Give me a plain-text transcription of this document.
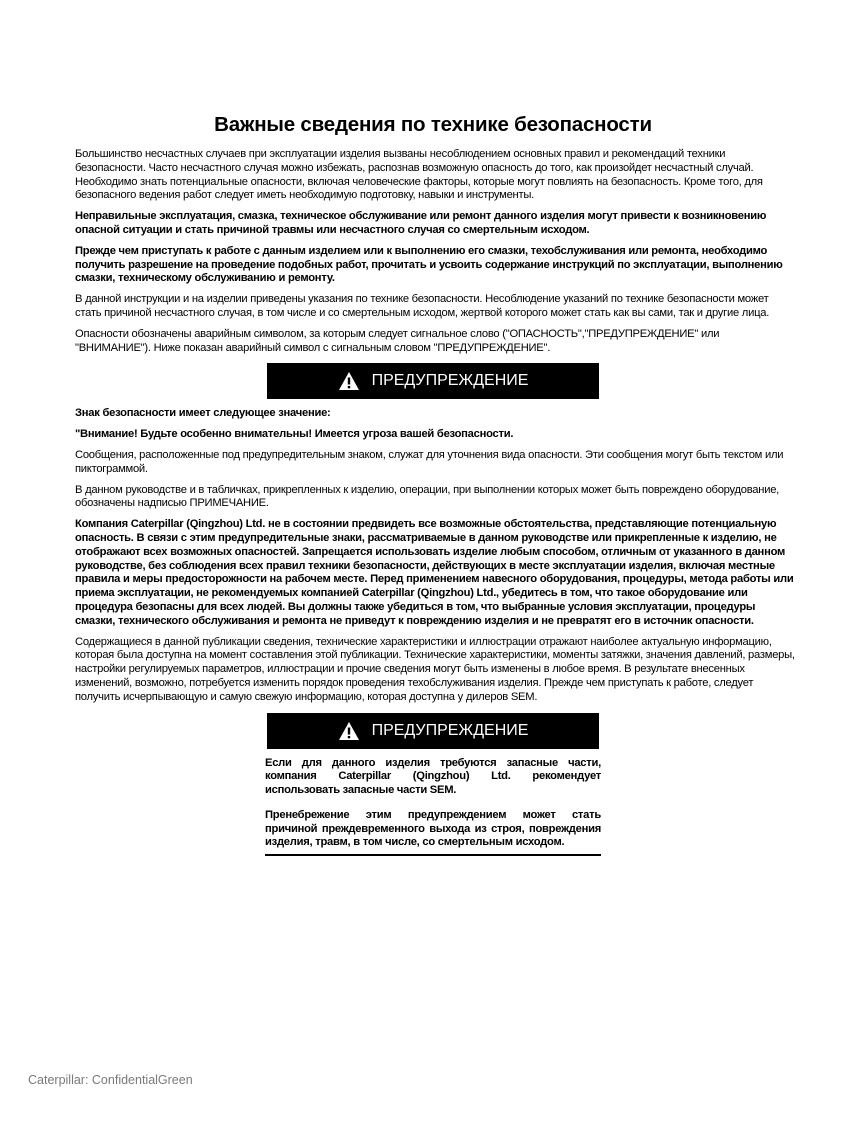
Важные сведения по технике безопасности

Большинство несчастных случаев при эксплуатации изделия вызваны несоблюдением основных правил и рекомендаций техники безопасности. Часто несчастного случая можно избежать, распознав возможную опасность до того, как произойдет несчастный случай. Необходимо знать потенциальные опасности, включая человеческие факторы, которые могут повлиять на безопасность. Кроме того, для безопасного ведения работ следует иметь необходимую подготовку, навыки и инструменты.

Неправильные эксплуатация, смазка, техническое обслуживание или ремонт данного изделия могут привести к возникновению опасной ситуации и стать причиной травмы или несчастного случая со смертельным исходом.

Прежде чем приступать к работе с данным изделием или к выполнению его смазки, техобслуживания или ремонта, необходимо получить разрешение на проведение подобных работ, прочитать и усвоить содержание инструкций по эксплуатации, выполнению смазки, техническому обслуживанию и ремонту.

В данной инструкции и на изделии приведены указания по технике безопасности. Несоблюдение указаний по технике безопасности может стать причиной несчастного случая, в том числе и со смертельным исходом, жертвой которого может стать как вы сами, так и другие лица.

Опасности обозначены аварийным символом, за которым следует сигнальное слово ("ОПАСНОСТЬ","ПРЕДУПРЕЖДЕНИЕ" или "ВНИМАНИЕ"). Ниже показан аварийный символ с сигнальным словом "ПРЕДУПРЕЖДЕНИЕ".

ПРЕДУПРЕЖДЕНИЕ

Знак безопасности имеет следующее значение:

"Внимание! Будьте особенно внимательны! Имеется угроза вашей безопасности.

Сообщения, расположенные под предупредительным знаком, служат для уточнения вида опасности. Эти сообщения могут быть текстом или пиктограммой.

В данном руководстве и в табличках, прикрепленных к изделию, операции, при выполнении которых может быть повреждено оборудование, обозначены надписью ПРИМЕЧАНИЕ.

Компания Caterpillar (Qingzhou) Ltd. не в состоянии предвидеть все возможные обстоятельства, представляющие потенциальную опасность. В связи с этим предупредительные знаки, рассматриваемые в данном руководстве или прикрепленные к изделию, не отображают всех возможных опасностей. Запрещается использовать изделие любым способом, отличным от указанного в данном руководстве, без соблюдения всех правил техники безопасности, действующих в месте эксплуатации изделия, включая местные правила и меры предосторожности на рабочем месте. Перед применением навесного оборудования, процедуры, метода работы или приема эксплуатации, не рекомендуемых компанией Caterpillar (Qingzhou) Ltd., убедитесь в том, что такое оборудование или процедура безопасны для всех людей. Вы должны также убедиться в том, что выбранные условия эксплуатации, процедуры смазки, технического обслуживания и ремонта не приведут к повреждению изделия и не превратят его в источник опасности.

Содержащиеся в данной публикации сведения, технические характеристики и иллюстрации отражают наиболее актуальную информацию, которая была доступна на момент составления этой публикации. Технические характеристики, моменты затяжки, значения давлений, размеры, настройки регулируемых параметров, иллюстрации и прочие сведения могут быть изменены в любое время. В результате внесенных изменений, возможно, потребуется изменить порядок проведения техобслуживания изделия. Прежде чем приступать к работе, следует получить исчерпывающую и самую свежую информацию, которая доступна у дилеров SEM.

ПРЕДУПРЕЖДЕНИЕ

Если для данного изделия требуются запасные части, компания Caterpillar (Qingzhou) Ltd. рекомендует использовать запасные части SEM.

Пренебрежение этим предупреждением может стать причиной преждевременного выхода из строя, повреждения изделия, травм, в том числе, со смертельным исходом.

Caterpillar: ConfidentialGreen
